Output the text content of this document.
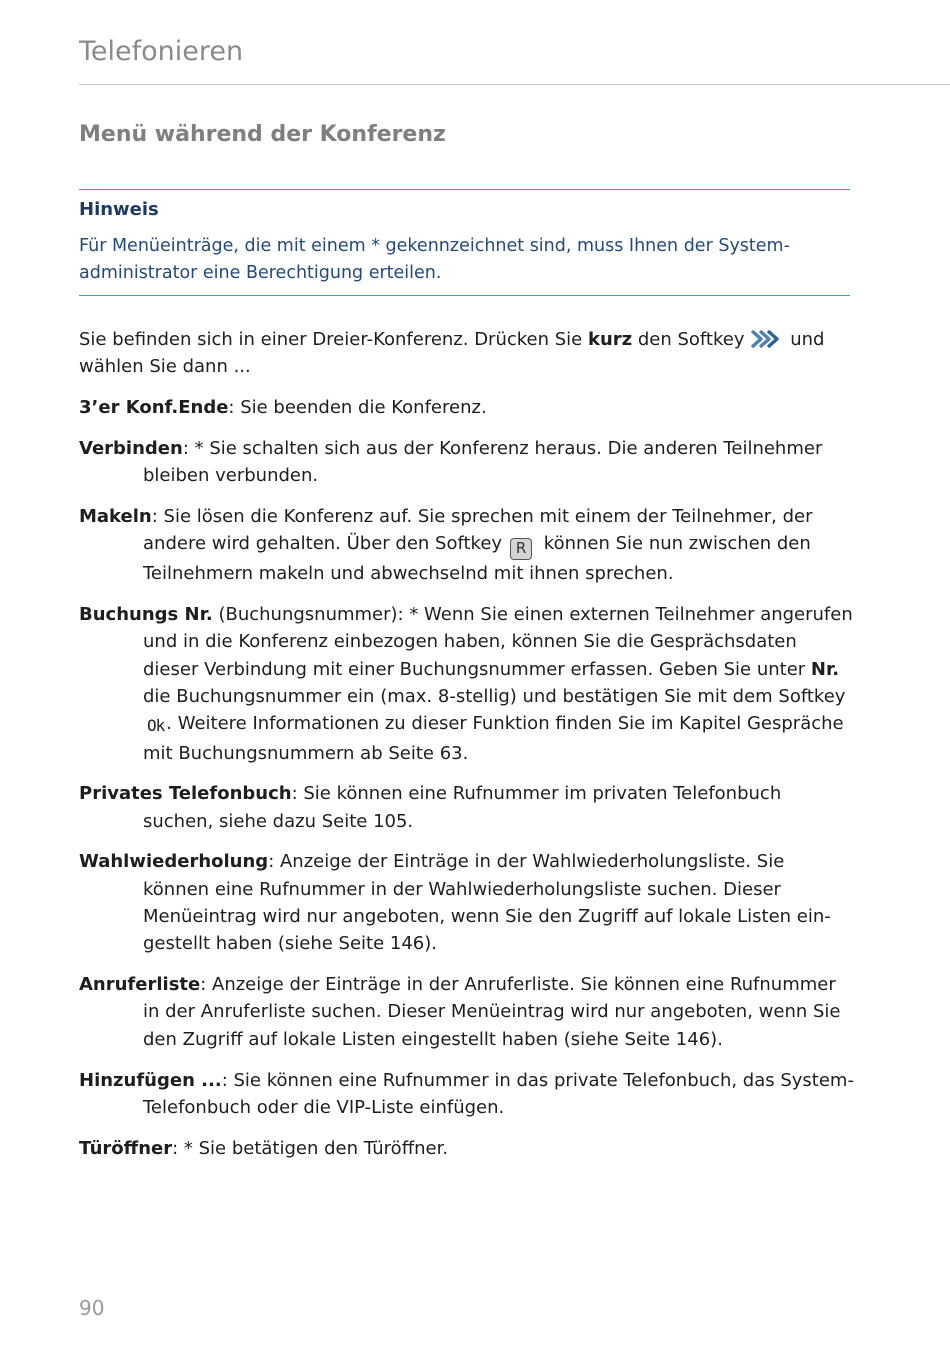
Telefonieren
Menü während der Konferenz
Hinweis
Für Menüeinträge, die mit einem * gekennzeichnet sind, muss Ihnen der Systemadministrator eine Berechtigung erteilen.

Sie befinden sich in einer Dreier-Konferenz. Drücken Sie kurz den Softkey und wählen Sie dann ...

3’er Konf.Ende: Sie beenden die Konferenz.

Verbinden: * Sie schalten sich aus der Konferenz heraus. Die anderen Teilnehmer bleiben verbunden.

Makeln: Sie lösen die Konferenz auf. Sie sprechen mit einem der Teilnehmer, der andere wird gehalten. Über den Softkey R können Sie nun zwischen den Teilnehmern makeln und abwechselnd mit ihnen sprechen.

Buchungs Nr. (Buchungsnummer): * Wenn Sie einen externen Teilnehmer angerufen und in die Konferenz einbezogen haben, können Sie die Gesprächsdaten dieser Verbindung mit einer Buchungsnummer erfassen. Geben Sie unter Nr. die Buchungsnummer ein (max. 8-stellig) und bestätigen Sie mit dem SoftkeyOk . Weitere Informationen zu dieser Funktion finden Sie im Kapitel Gespräche mit Buchungsnummern ab Seite 63.

Privates Telefonbuch: Sie können eine Rufnummer im privaten Telefonbuch suchen, siehe dazu Seite 105.

Wahlwiederholung: Anzeige der Einträge in der Wahlwiederholungsliste. Sie können eine Rufnummer in der Wahlwiederholungsliste suchen. Dieser Menüeintrag wird nur angeboten, wenn Sie den Zugriff auf lokale Listen eingestellt haben (siehe Seite 146).

Anruferliste: Anzeige der Einträge in der Anruferliste. Sie können eine Rufnummer in der Anruferliste suchen. Dieser Menüeintrag wird nur angeboten, wenn Sie den Zugriff auf lokale Listen eingestellt haben (siehe Seite 146).

Hinzufügen ...: Sie können eine Rufnummer in das private Telefonbuch, das System-Telefonbuch oder die VIP-Liste einfügen.

Türöffner: * Sie betätigen den Türöffner.

90
